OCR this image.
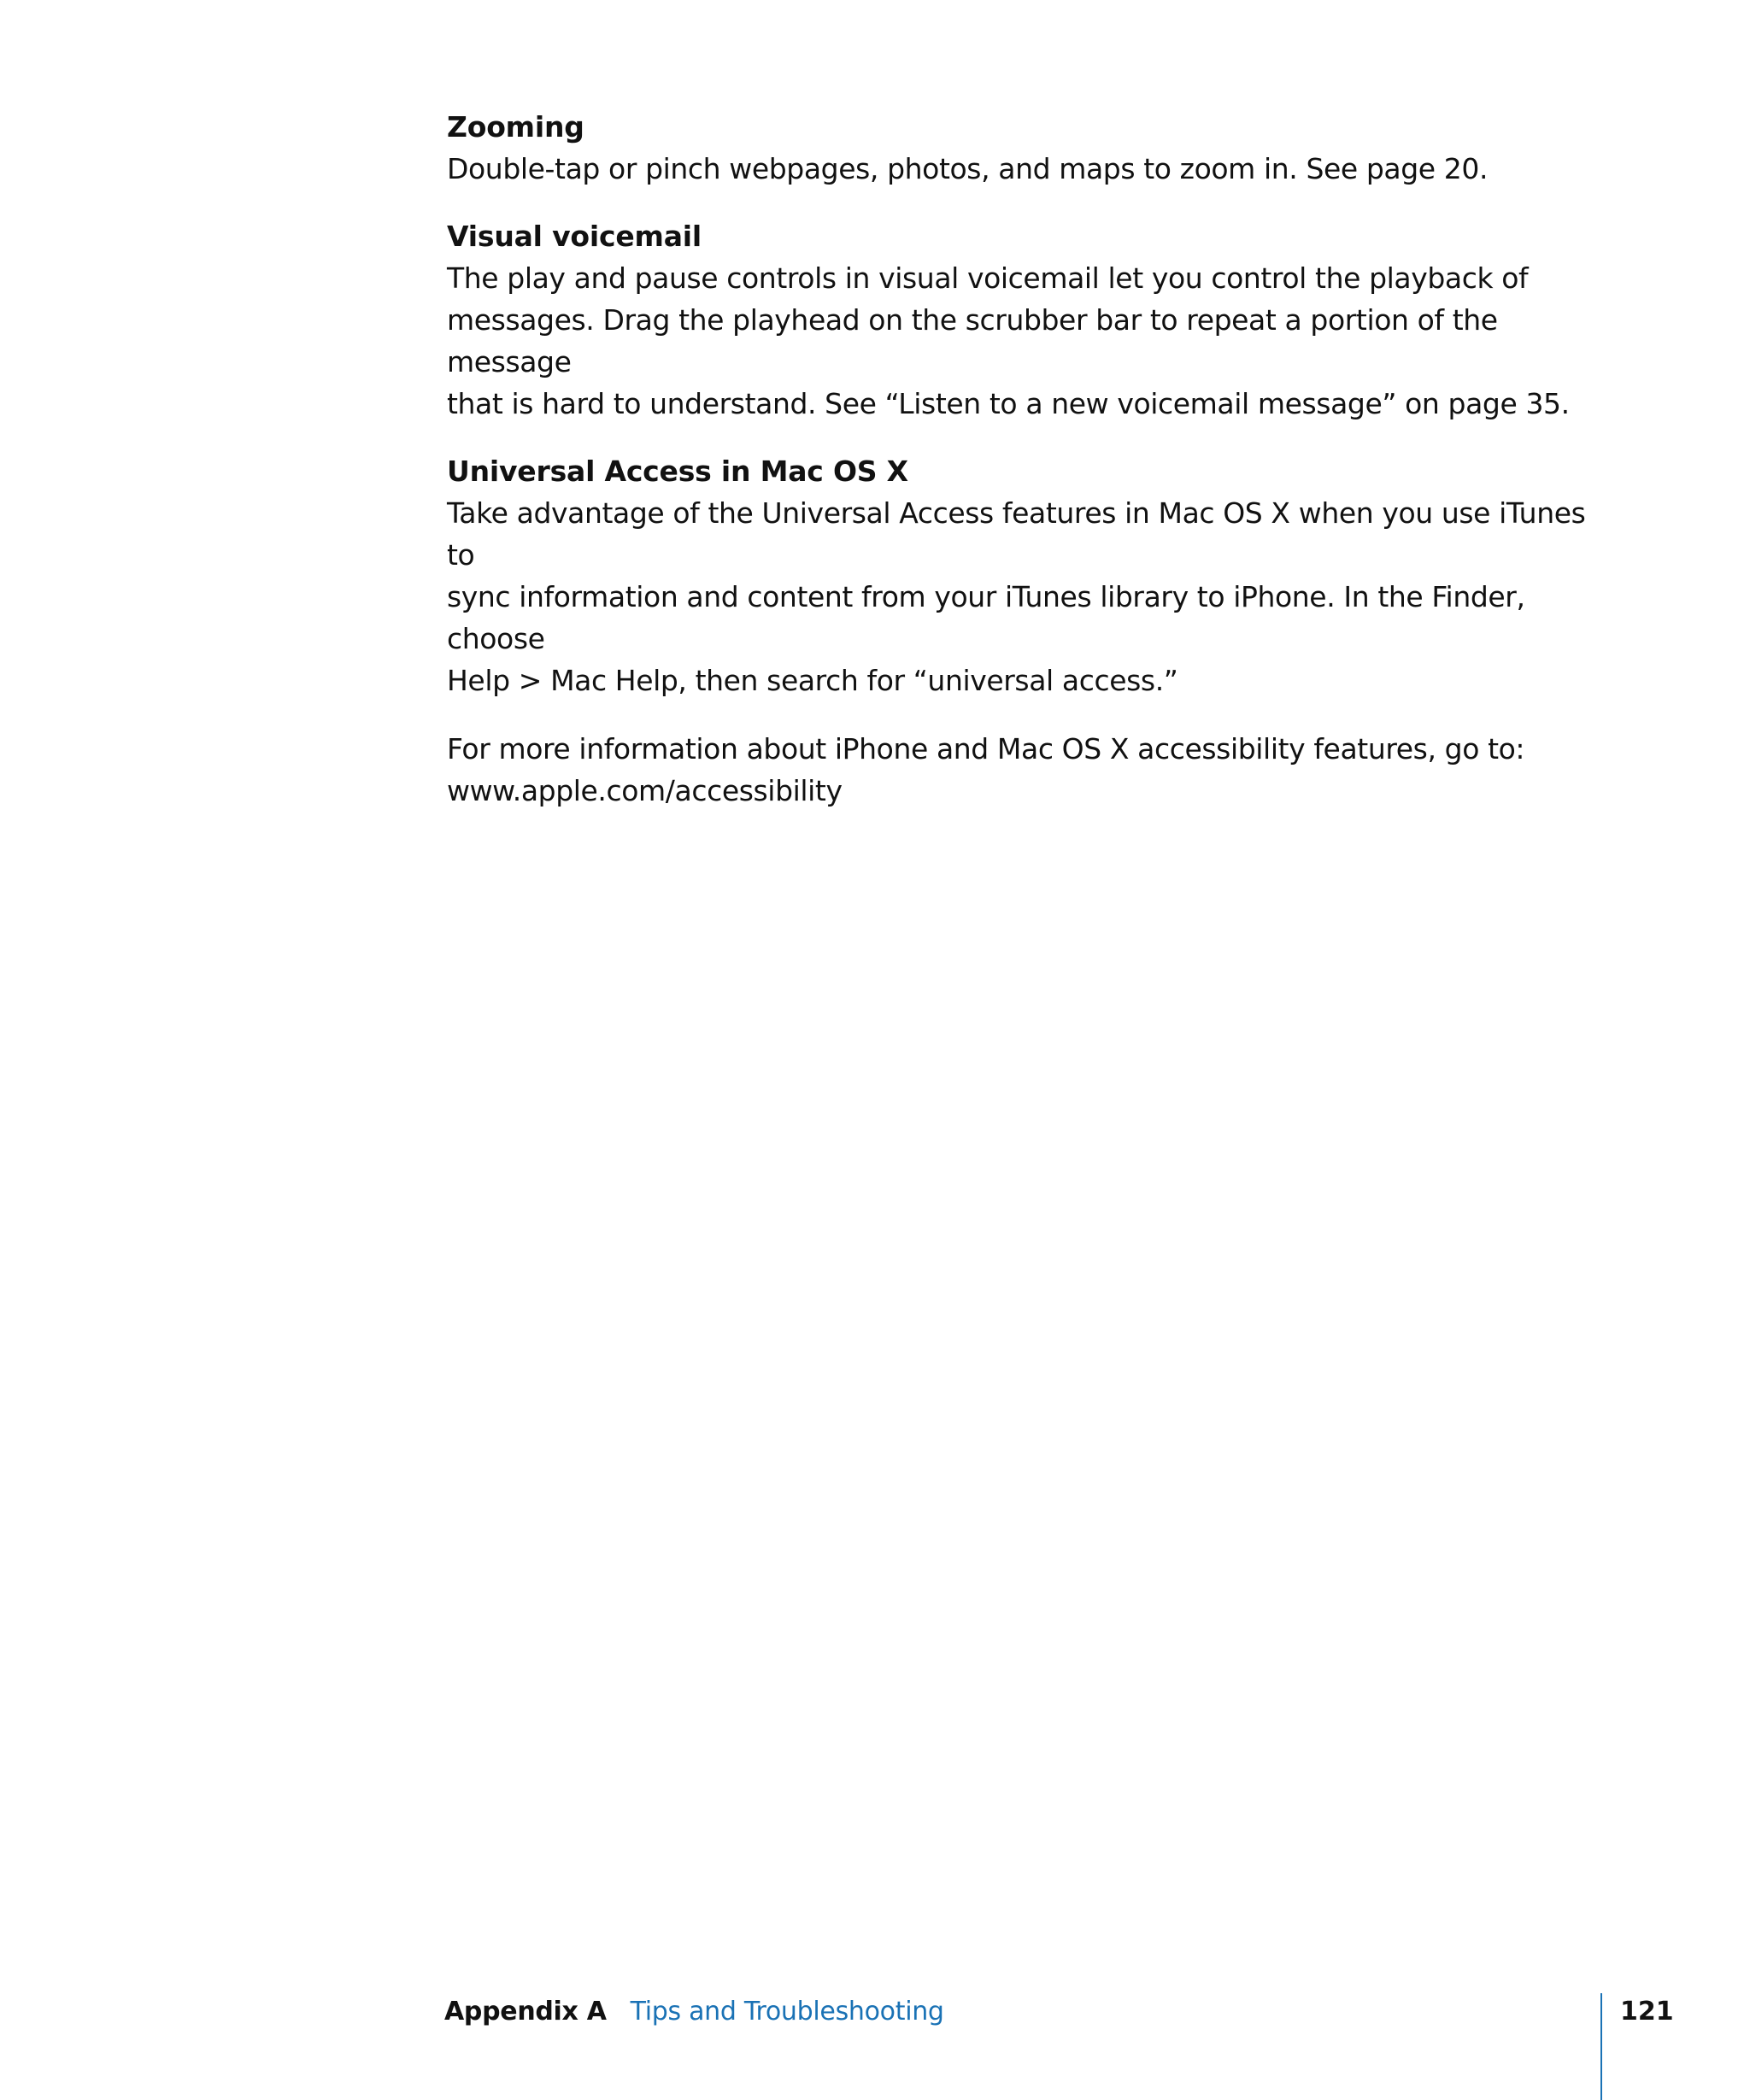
Zooming

Double-tap or pinch webpages, photos, and maps to zoom in. See page 20.

Visual voicemail

The play and pause controls in visual voicemail let you control the playback of

messages. Drag the playhead on the scrubber bar to repeat a portion of the message

that is hard to understand. See “Listen to a new voicemail message” on page 35.

Universal Access in Mac OS X

Take advantage of the Universal Access features in Mac OS X when you use iTunes to

sync information and content from your iTunes library to iPhone. In the Finder, choose

Help > Mac Help, then search for “universal access.”

For more information about iPhone and Mac OS X accessibility features, go to:

www.apple.com/accessibility

Appendix A Tips and Troubleshooting	121
